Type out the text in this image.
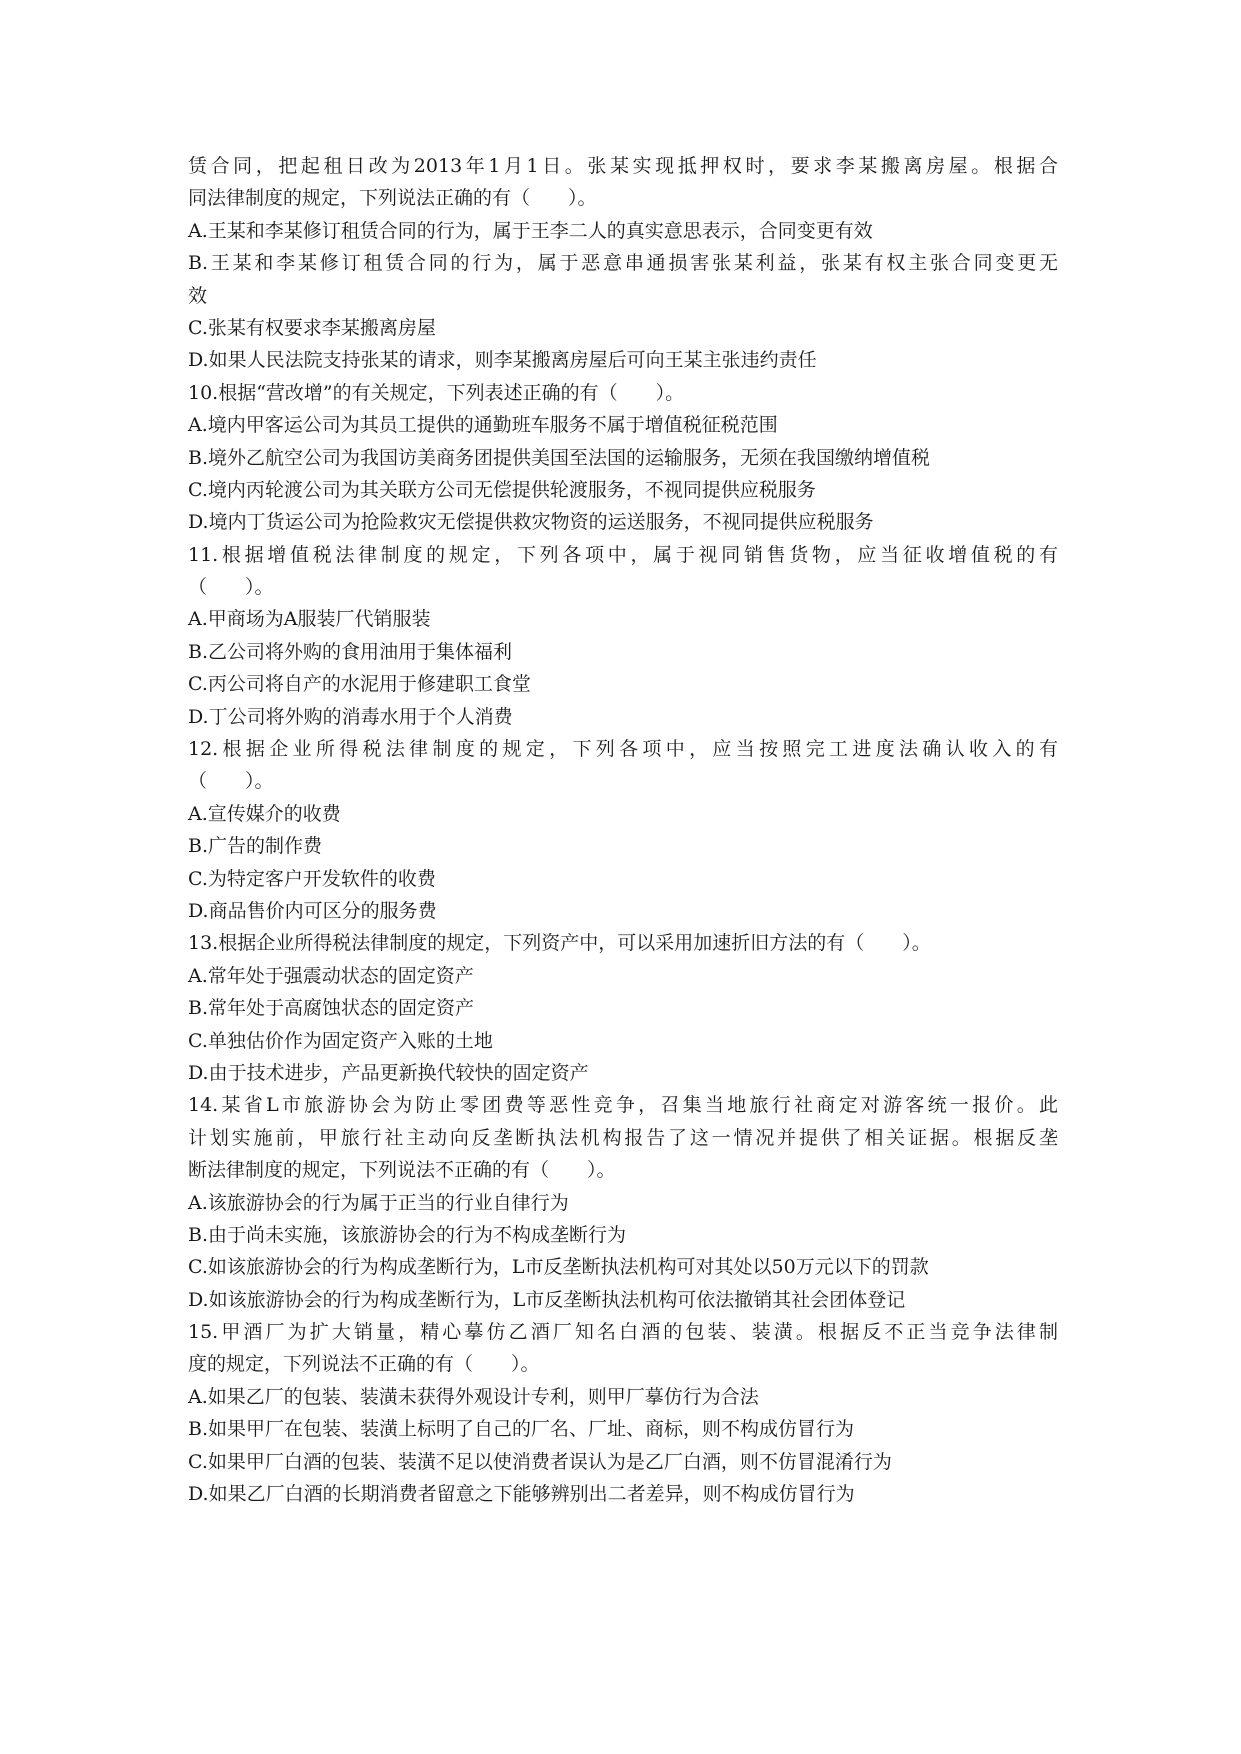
赁合同，把起租日改为2013年1月1日。张某实现抵押权时，要求李某搬离房屋。根据合
同法律制度的规定，下列说法正确的有（　　）。
A.王某和李某修订租赁合同的行为，属于王李二人的真实意思表示，合同变更有效
B.王某和李某修订租赁合同的行为，属于恶意串通损害张某利益，张某有权主张合同变更无
效
C.张某有权要求李某搬离房屋
D.如果人民法院支持张某的请求，则李某搬离房屋后可向王某主张违约责任
10.根据“营改增”的有关规定，下列表述正确的有（　　）。
A.境内甲客运公司为其员工提供的通勤班车服务不属于增值税征税范围
B.境外乙航空公司为我国访美商务团提供美国至法国的运输服务，无须在我国缴纳增值税
C.境内丙轮渡公司为其关联方公司无偿提供轮渡服务，不视同提供应税服务
D.境内丁货运公司为抢险救灾无偿提供救灾物资的运送服务，不视同提供应税服务
11.根据增值税法律制度的规定，下列各项中，属于视同销售货物，应当征收增值税的有
（　　）。
A.甲商场为A服装厂代销服装
B.乙公司将外购的食用油用于集体福利
C.丙公司将自产的水泥用于修建职工食堂
D.丁公司将外购的消毒水用于个人消费
12.根据企业所得税法律制度的规定，下列各项中，应当按照完工进度法确认收入的有
（　　）。
A.宣传媒介的收费
B.广告的制作费
C.为特定客户开发软件的收费
D.商品售价内可区分的服务费
13.根据企业所得税法律制度的规定，下列资产中，可以采用加速折旧方法的有（　　）。
A.常年处于强震动状态的固定资产
B.常年处于高腐蚀状态的固定资产
C.单独估价作为固定资产入账的土地
D.由于技术进步，产品更新换代较快的固定资产
14.某省L市旅游协会为防止零团费等恶性竞争，召集当地旅行社商定对游客统一报价。此
计划实施前，甲旅行社主动向反垄断执法机构报告了这一情况并提供了相关证据。根据反垄
断法律制度的规定，下列说法不正确的有（　　）。
A.该旅游协会的行为属于正当的行业自律行为
B.由于尚未实施，该旅游协会的行为不构成垄断行为
C.如该旅游协会的行为构成垄断行为，L市反垄断执法机构可对其处以50万元以下的罚款
D.如该旅游协会的行为构成垄断行为，L市反垄断执法机构可依法撤销其社会团体登记
15.甲酒厂为扩大销量，精心摹仿乙酒厂知名白酒的包装、装潢。根据反不正当竞争法律制
度的规定，下列说法不正确的有（　　）。
A.如果乙厂的包装、装潢未获得外观设计专利，则甲厂摹仿行为合法
B.如果甲厂在包装、装潢上标明了自己的厂名、厂址、商标，则不构成仿冒行为
C.如果甲厂白酒的包装、装潢不足以使消费者误认为是乙厂白酒，则不仿冒混淆行为
D.如果乙厂白酒的长期消费者留意之下能够辨别出二者差异，则不构成仿冒行为
